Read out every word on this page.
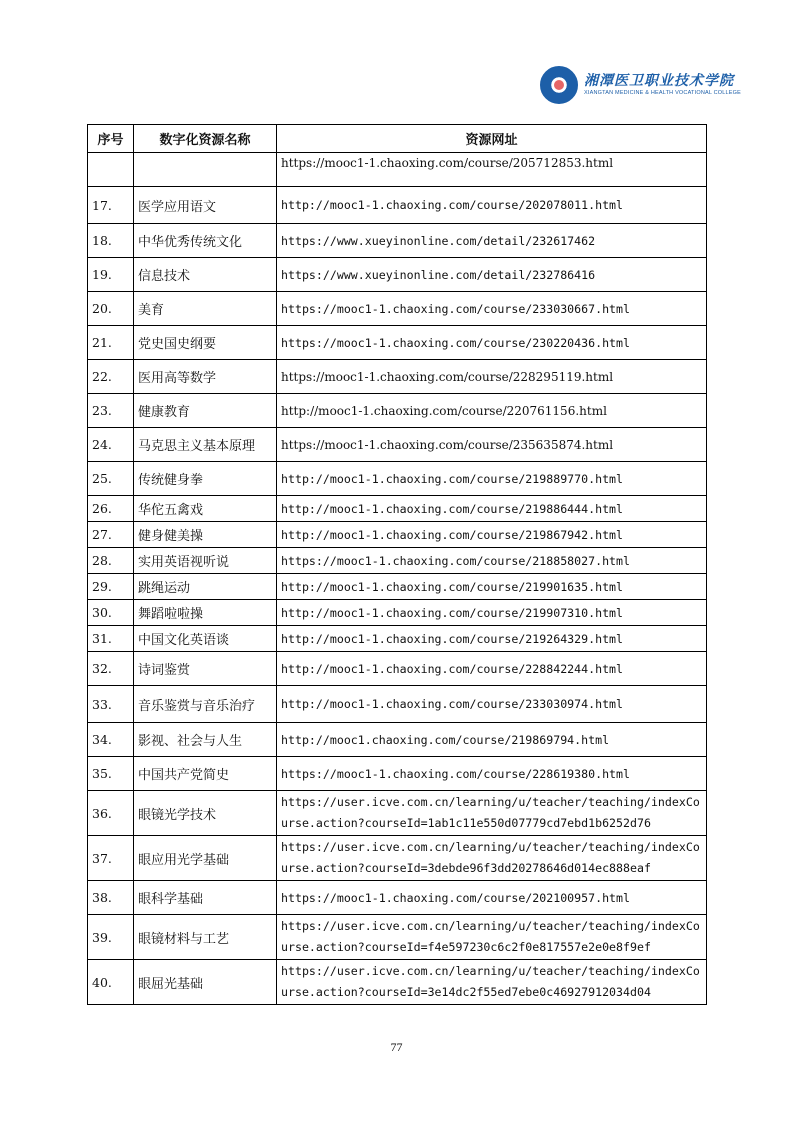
湘潭医卫职业技术学院
XIANGTAN MEDICINE & HEALTH VOCATIONAL COLLEGE
序号	数字化资源名称	资源网址
		https://mooc1-1.chaoxing.com/course/205712853.html
17.	医学应用语文	http://mooc1-1.chaoxing.com/course/202078011.html
18.	中华优秀传统文化	https://www.xueyinonline.com/detail/232617462
19.	信息技术	https://www.xueyinonline.com/detail/232786416
20.	美育	https://mooc1-1.chaoxing.com/course/233030667.html
21.	党史国史纲要	https://mooc1-1.chaoxing.com/course/230220436.html
22.	医用高等数学	https://mooc1-1.chaoxing.com/course/228295119.html
23.	健康教育	http://mooc1-1.chaoxing.com/course/220761156.html
24.	马克思主义基本原理	https://mooc1-1.chaoxing.com/course/235635874.html
25.	传统健身拳	http://mooc1-1.chaoxing.com/course/219889770.html
26.	华佗五禽戏	http://mooc1-1.chaoxing.com/course/219886444.html
27.	健身健美操	http://mooc1-1.chaoxing.com/course/219867942.html
28.	实用英语视听说	https://mooc1-1.chaoxing.com/course/218858027.html
29.	跳绳运动	http://mooc1-1.chaoxing.com/course/219901635.html
30.	舞蹈啦啦操	http://mooc1-1.chaoxing.com/course/219907310.html
31.	中国文化英语谈	http://mooc1-1.chaoxing.com/course/219264329.html
32.	诗词鉴赏	http://mooc1-1.chaoxing.com/course/228842244.html
33.	音乐鉴赏与音乐治疗	http://mooc1-1.chaoxing.com/course/233030974.html
34.	影视、社会与人生	http://mooc1.chaoxing.com/course/219869794.html
35.	中国共产党简史	https://mooc1-1.chaoxing.com/course/228619380.html
36.	眼镜光学技术	https://user.icve.com.cn/learning/u/teacher/teaching/indexCourse.action?courseId=1ab1c11e550d07779cd7ebd1b6252d76
37.	眼应用光学基础	https://user.icve.com.cn/learning/u/teacher/teaching/indexCourse.action?courseId=3debde96f3dd20278646d014ec888eaf
38.	眼科学基础	https://mooc1-1.chaoxing.com/course/202100957.html
39.	眼镜材料与工艺	https://user.icve.com.cn/learning/u/teacher/teaching/indexCourse.action?courseId=f4e597230c6c2f0e817557e2e0e8f9ef
40.	眼屈光基础	https://user.icve.com.cn/learning/u/teacher/teaching/indexCourse.action?courseId=3e14dc2f55ed7ebe0c46927912034d04
77
